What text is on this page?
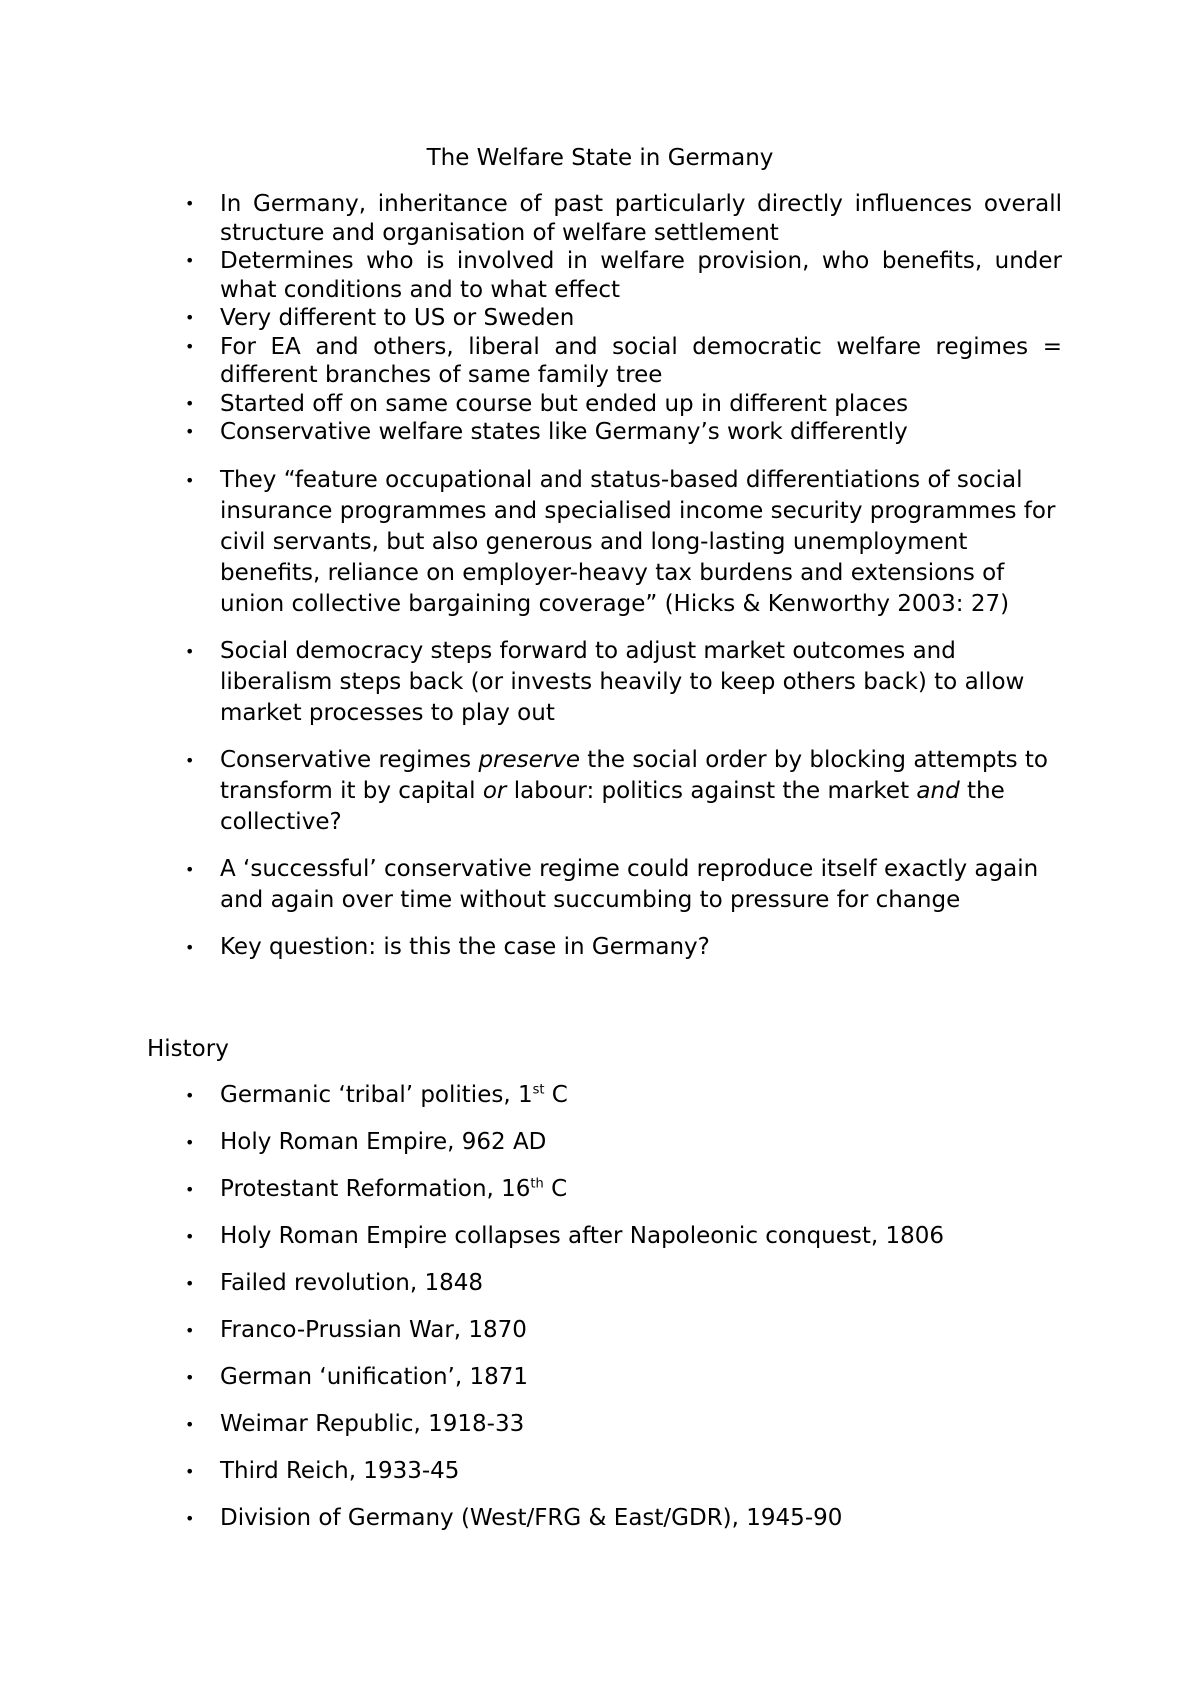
The Welfare State in Germany
• In Germany, inheritance of past particularly directly influences overall structure and organisation of welfare settlement
• Determines who is involved in welfare provision, who benefits, under what conditions and to what effect
• Very different to US or Sweden
• For EA and others, liberal and social democratic welfare regimes = different branches of same family tree
• Started off on same course but ended up in different places
• Conservative welfare states like Germany’s work differently
• They “feature occupational and status-based differentiations of social insurance programmes and specialised income security programmes for civil servants, but also generous and long-lasting unemployment benefits, reliance on employer-heavy tax burdens and extensions of union collective bargaining coverage” (Hicks & Kenworthy 2003: 27)
• Social democracy steps forward to adjust market outcomes and liberalism steps back (or invests heavily to keep others back) to allow market processes to play out
• Conservative regimes preserve the social order by blocking attempts to transform it by capital or labour: politics against the market and the collective?
• A ‘successful’ conservative regime could reproduce itself exactly again and again over time without succumbing to pressure for change
• Key question: is this the case in Germany?
History
• Germanic ‘tribal’ polities, 1st C
• Holy Roman Empire, 962 AD
• Protestant Reformation, 16th C
• Holy Roman Empire collapses after Napoleonic conquest, 1806
• Failed revolution, 1848
• Franco-Prussian War, 1870
• German ‘unification’, 1871
• Weimar Republic, 1918-33
• Third Reich, 1933-45
• Division of Germany (West/FRG & East/GDR), 1945-90
